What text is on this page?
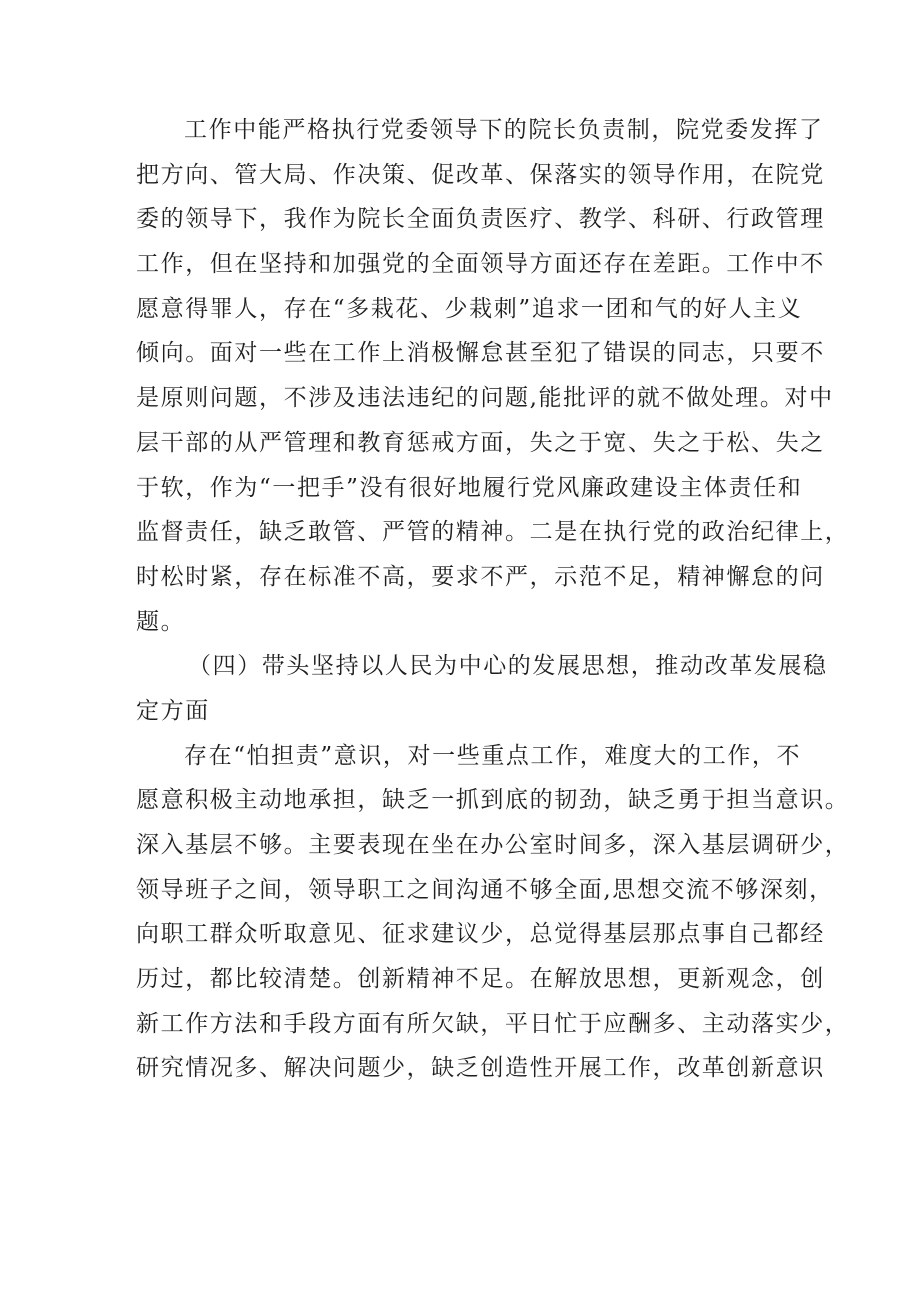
工作中能严格执行党委领导下的院长负责制，院党委发挥了
把方向、管大局、作决策、促改革、保落实的领导作用，在院党
委的领导下，我作为院长全面负责医疗、教学、科研、行政管理
工作，但在坚持和加强党的全面领导方面还存在差距。工作中不
愿意得罪人，存在“多栽花、少栽刺”追求一团和气的好人主义
倾向。面对一些在工作上消极懈怠甚至犯了错误的同志，只要不
是原则问题，不涉及违法违纪的问题,能批评的就不做处理。对中
层干部的从严管理和教育惩戒方面，失之于宽、失之于松、失之
于软，作为“一把手”没有很好地履行党风廉政建设主体责任和
监督责任，缺乏敢管、严管的精神。二是在执行党的政治纪律上，
时松时紧，存在标准不高，要求不严，示范不足，精神懈怠的问
题。
（四）带头坚持以人民为中心的发展思想，推动改革发展稳
定方面
存在“怕担责”意识，对一些重点工作，难度大的工作，不
愿意积极主动地承担，缺乏一抓到底的韧劲，缺乏勇于担当意识。
深入基层不够。主要表现在坐在办公室时间多，深入基层调研少，
领导班子之间，领导职工之间沟通不够全面,思想交流不够深刻，
向职工群众听取意见、征求建议少，总觉得基层那点事自己都经
历过，都比较清楚。创新精神不足。在解放思想，更新观念，创
新工作方法和手段方面有所欠缺，平日忙于应酬多、主动落实少，
研究情况多、解决问题少，缺乏创造性开展工作，改革创新意识
